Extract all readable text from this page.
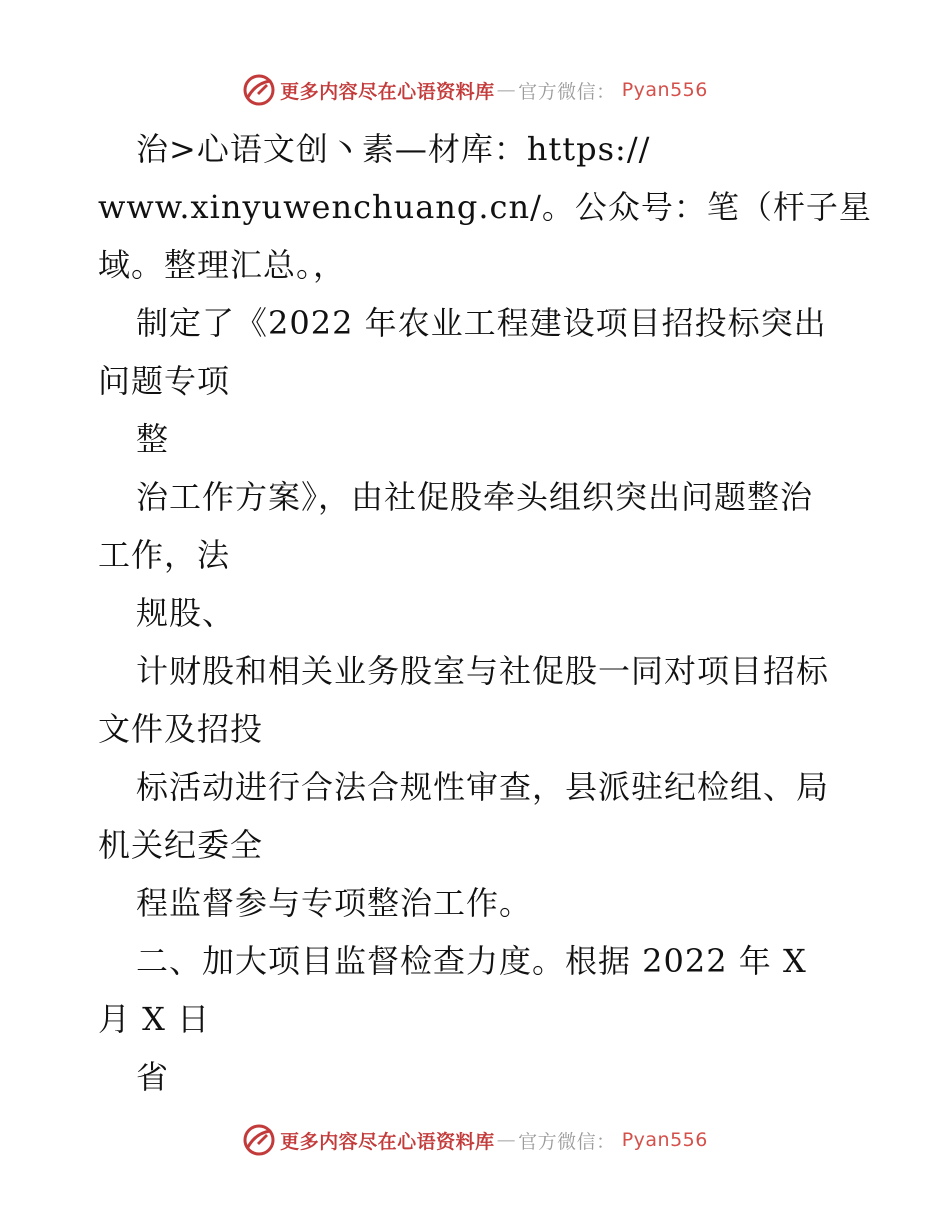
更多内容尽在心语资料库 — 官方微信： Pyan556
治>心语文创丶素—材库：https://
www.xinyuwenchuang.cn/。公众号：笔（杆子星
域。整理汇总。，
制定了《2022 年农业工程建设项目招投标突出
问题专项
整
治工作方案》，由社促股牵头组织突出问题整治
工作，法
规股、
计财股和相关业务股室与社促股一同对项目招标
文件及招投
标活动进行合法合规性审查，县派驻纪检组、局
机关纪委全
程监督参与专项整治工作。
二、加大项目监督检查力度。根据 2022 年 X
月 X 日
省
更多内容尽在心语资料库 — 官方微信： Pyan556
